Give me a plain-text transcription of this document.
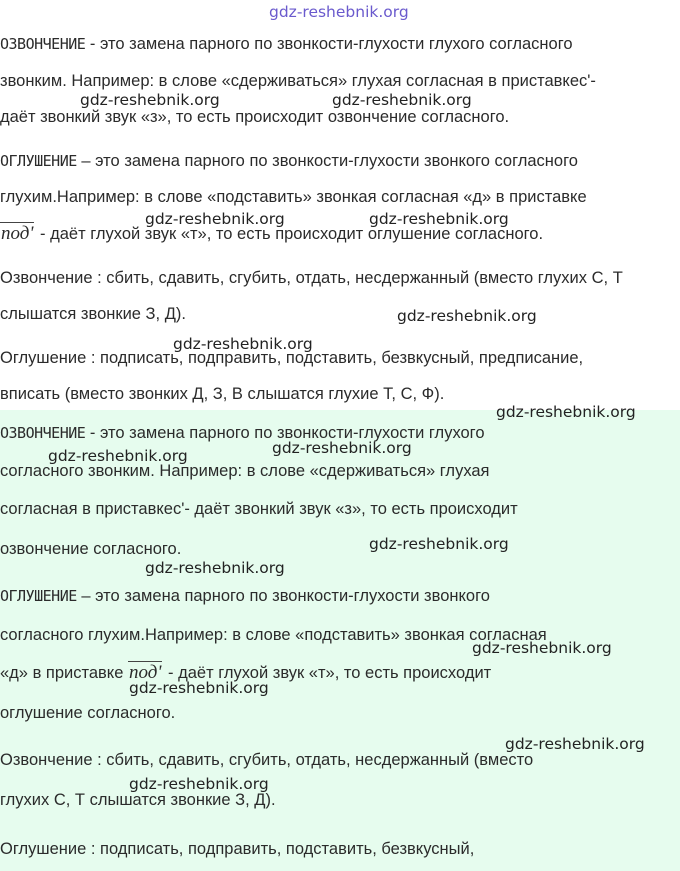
gdz-reshebnik.org
ОЗВОНЧЕНИЕ - это замена парного по звонкости-глухости глухого согласного
звонким. Например: в слове «сдерживаться» глухая согласная в приставкес'-
gdz-reshebnik.org	gdz-reshebnik.org
даёт звонкий звук «з», то есть происходит озвончение согласного.
ОГЛУШЕНИЕ – это замена парного по звонкости-глухости звонкого согласного
глухим.Например: в слове «подставить» звонкая согласная «д» в приставке
gdz-reshebnik.org	gdz-reshebnik.org
под' - даёт глухой звук «т», то есть происходит оглушение согласного.
Озвончение : сбить, сдавить, сгубить, отдать, несдержанный (вместо глухих С, Т
слышатся звонкие З, Д).	gdz-reshebnik.org
gdz-reshebnik.org
Оглушение : подписать, подправить, подставить, безвкусный, предписание,
вписать (вместо звонких Д, З, В слышатся глухие Т, С, Ф).
gdz-reshebnik.org
ОЗВОНЧЕНИЕ - это замена парного по звонкости-глухости глухого
gdz-reshebnik.org
gdz-reshebnik.org
согласного звонким. Например: в слове «сдерживаться» глухая
согласная в приставкес'- даёт звонкий звук «з», то есть происходит
gdz-reshebnik.org
озвончение согласного.
gdz-reshebnik.org
ОГЛУШЕНИЕ – это замена парного по звонкости-глухости звонкого
согласного глухим.Например: в слове «подставить» звонкая согласная
gdz-reshebnik.org
«д» в приставке под' - даёт глухой звук «т», то есть происходит
gdz-reshebnik.org
оглушение согласного.
gdz-reshebnik.org
Озвончение : сбить, сдавить, сгубить, отдать, несдержанный (вместо
gdz-reshebnik.org
глухих С, Т слышатся звонкие З, Д).
Оглушение : подписать, подправить, подставить, безвкусный,
